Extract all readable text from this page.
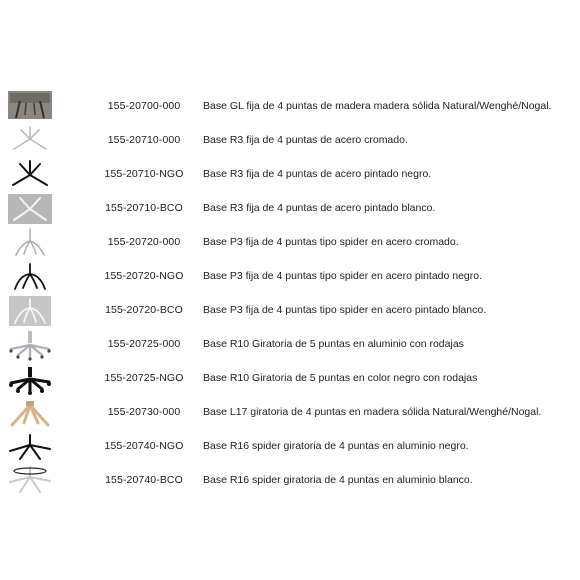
155-20700-000	Base GL fija de 4 puntas de madera madera sólida Natural/Wenghé/Nogal.
155-20710-000	Base R3 fija de 4 puntas de acero cromado.
155-20710-NGO	Base R3 fija de 4 puntas de acero pintado negro.
155-20710-BCO	Base R3 fija de 4 puntas de acero pintado blanco.
155-20720-000	Base P3 fija de 4 puntas tipo spider en acero cromado.
155-20720-NGO	Base P3 fija de 4 puntas tipo spider en acero pintado negro.
155-20720-BCO	Base P3 fija de 4 puntas tipo spider en acero pintado blanco.
155-20725-000	Base R10 Giratoria de 5 puntas en aluminio con rodajas
155-20725-NGO	Base R10 Giratoria de 5 puntas en color negro con rodajas
155-20730-000	Base L17 giratoria de 4 puntas en madera sólida Natural/Wenghé/Nogal.
155-20740-NGO	Base R16 spider giratoria de 4 puntas en aluminio negro.
155-20740-BCO	Base R16 spider giratoria de 4 puntas en aluminio blanco.
